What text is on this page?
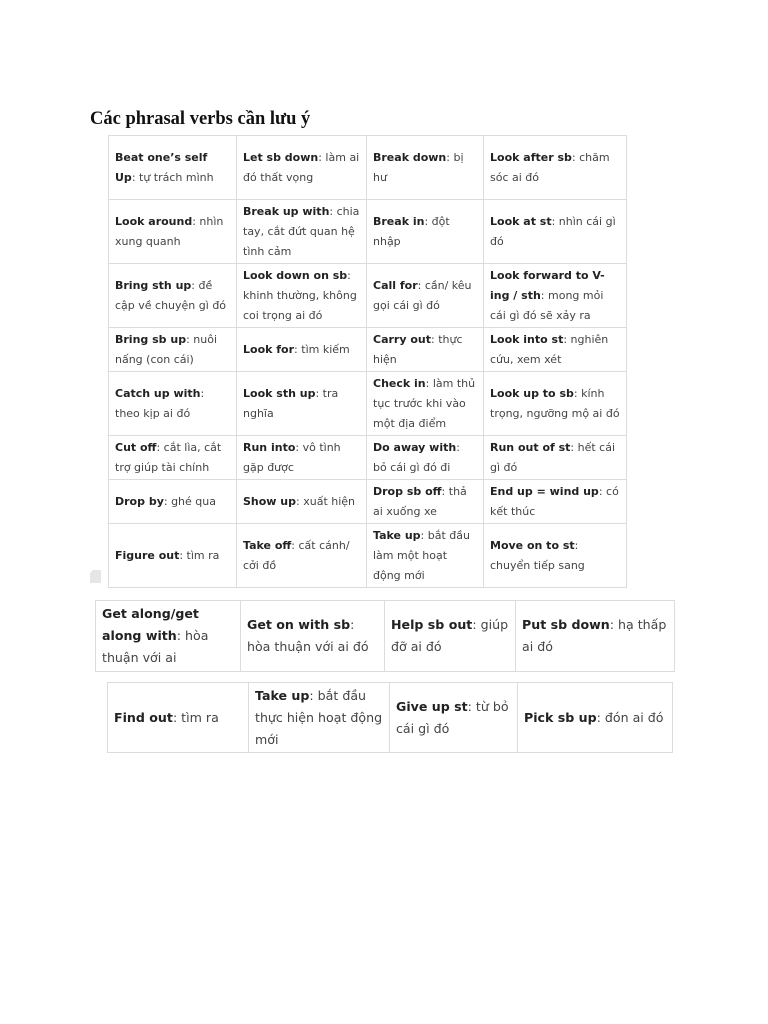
Các phrasal verbs cần lưu ý
Beat one’s self Up: tự trách mình	Let sb down: làm ai đó thất vọng	Break down: bị hư	Look after sb: chăm sóc ai đó
Look around: nhìn xung quanh	Break up with: chia tay, cắt đứt quan hệ tình cảm	Break in: đột nhập	Look at st: nhìn cái gì đó
Bring sth up: đề cập về chuyện gì đó	Look down on sb: khinh thường, không coi trọng ai đó	Call for: cần/ kêu gọi cái gì đó	Look forward to V-ing / sth: mong mỏi cái gì đó sẽ xảy ra
Bring sb up: nuôi nấng (con cái)	Look for: tìm kiếm	Carry out: thực hiện	Look into st: nghiên cứu, xem xét
Catch up with: theo kịp ai đó	Look sth up: tra nghĩa	Check in: làm thủ tục trước khi vào một địa điểm	Look up to sb: kính trọng, ngưỡng mộ ai đó
Cut off: cắt lìa, cắt trợ giúp tài chính	Run into: vô tình gặp được	Do away with: bỏ cái gì đó đi	Run out of st: hết cái gì đó
Drop by: ghé qua	Show up: xuất hiện	Drop sb off: thả ai xuống xe	End up = wind up: có kết thúc
Figure out: tìm ra	Take off: cất cánh/ cởi đồ	Take up: bắt đầu làm một hoạt động mới	Move on to st: chuyển tiếp sang
Get along/get along with: hòa thuận với ai	Get on with sb: hòa thuận với ai đó	Help sb out: giúp đỡ ai đó	Put sb down: hạ thấp ai đó
Find out: tìm ra	Take up: bắt đầu thực hiện hoạt động mới	Give up st: từ bỏ cái gì đó	Pick sb up: đón ai đó
